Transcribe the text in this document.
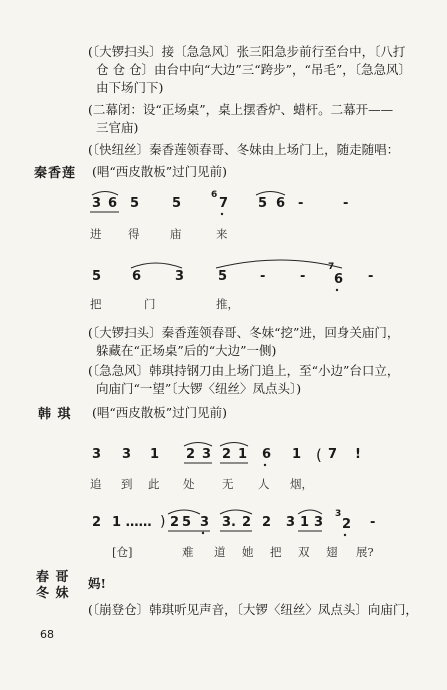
(〔大锣扫头〕接〔急急风〕张三阳急步前行至台中，〔八打
仓 仓 仓〕由台中向“大边”三“跨步”，“吊毛”，〔急急风〕
由下场门下)
(二幕闭：设“正场桌”，桌上摆香炉、蜡杆。二幕开——
三官庙)
(〔快纽丝〕秦香莲领春哥、冬妹由上场门上，随走随唱：
秦香莲 (唱“西皮散板”过门见前)
3 6 5	5
6
7 5 6 -	-
进 得	庙	来
5 6	3	5	-	-
7
6 -
把	门	推，
(〔大锣扫头〕秦香莲领春哥、冬妹“挖”进，回身关庙门，
躲藏在“正场桌”后的“大边”一侧)
(〔急急风〕韩琪持钢刀由上场门追上，至“小边”台口立，
向庙门“一望”〔大锣〈纽丝〉凤点头〕)
韩 琪 (唱“西皮散板”过门见前)
3 3 1 2 3 2 1 6 1 ( 7 !
追 到 此 处 无 人 烟，
2 1 …… ) 2 5 3 3. 2 2 3 1 3
3
2 -
[仓]	难 道 她 把 双 翅 展?
春 哥
冬 妹
妈!
(〔崩登仓〕韩琪听见声音，〔大锣〈纽丝〉凤点头〕向庙门，
68
